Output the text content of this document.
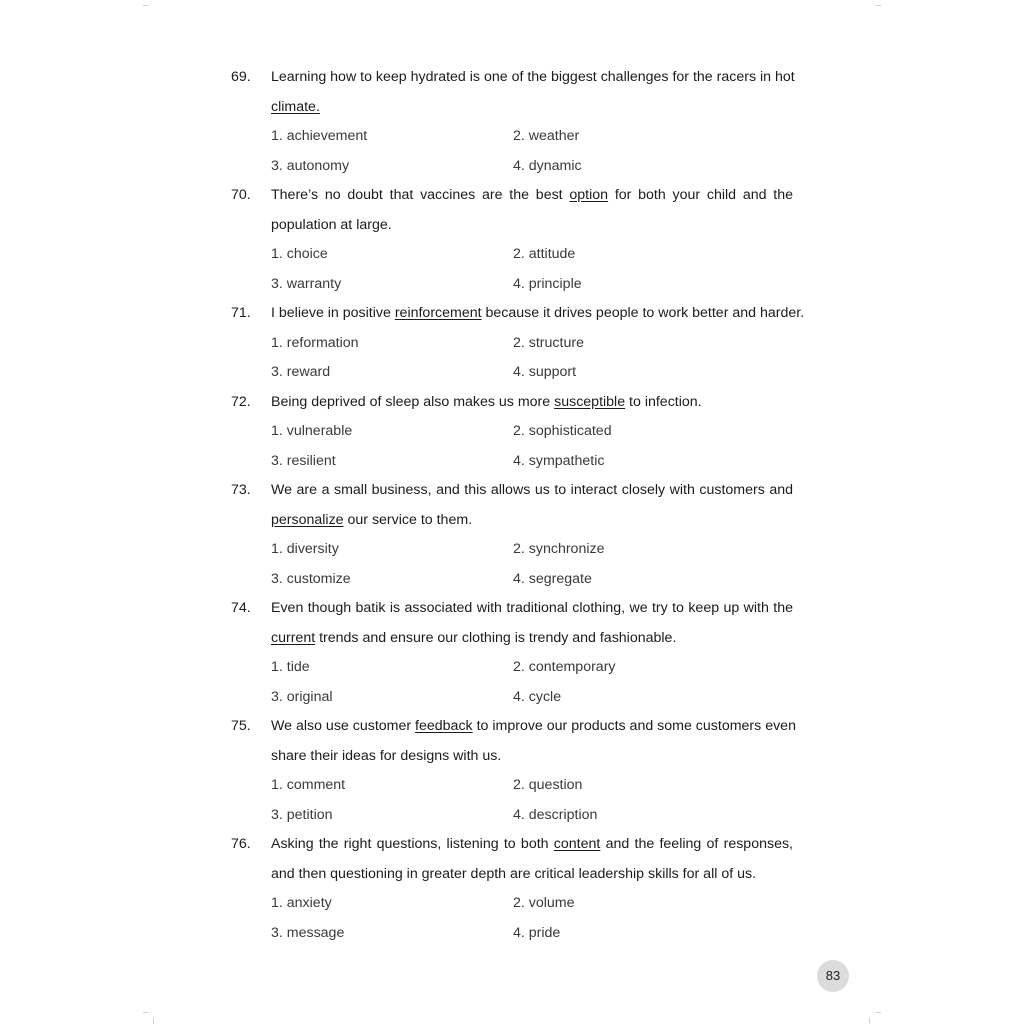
69.	Learning how to keep hydrated is one of the biggest challenges for the racers in hot
climate.
1. achievement	2. weather
3. autonomy	4. dynamic
70.	There’s no doubt that vaccines are the best option for both your child and the
population at large.
1. choice	2. attitude
3. warranty	4. principle
71.	I believe in positive reinforcement because it drives people to work better and harder.
1. reformation	2. structure
3. reward	4. support
72.	Being deprived of sleep also makes us more susceptible to infection.
1. vulnerable	2. sophisticated
3. resilient	4. sympathetic
73.	We are a small business, and this allows us to interact closely with customers and
personalize our service to them.
1. diversity	2. synchronize
3. customize	4. segregate
74.	Even though batik is associated with traditional clothing, we try to keep up with the
current trends and ensure our clothing is trendy and fashionable.
1. tide	2. contemporary
3. original	4. cycle
75.	We also use customer feedback to improve our products and some customers even
share their ideas for designs with us.
1. comment	2. question
3. petition	4. description
76.	Asking the right questions, listening to both content and the feeling of responses,
and then questioning in greater depth are critical leadership skills for all of us.
1. anxiety	2. volume
3. message	4. pride
83
